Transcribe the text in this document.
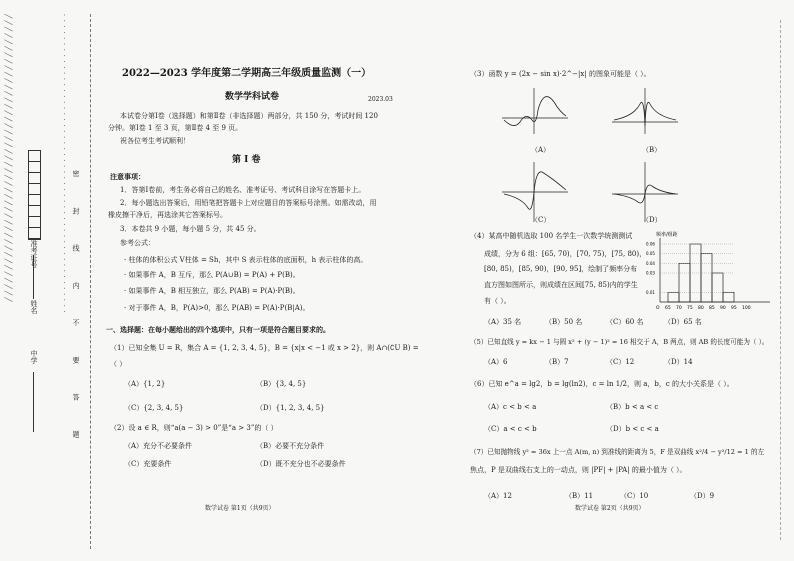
╱ ╱ ╱ ╱ ╱ ╱ ╱ ╱ ╱ ╱ ╱ ╱ ╱ ╱ ╱ ╱ ╱ ╱ ╱ ╱ ╱ ╱ ╱ ╱ ╱ ╱ ╱ ╱ ╱ ╱ ╱ ╱ ╱ ╱ ╱ ╱ ╱ ╱ ╱ ╱ ╱ ╱ ╱ ╱ ╱
中学
姓名
准考证号	· · · · · · · · · · · · · · · · · · · · · · · · · · · · · · · · · · · · · · · · · · · · · · · · · · · · 密 封 线 内 不 要 答 题
2022—2023 学年度第二学期高三年级质量监测（一）
数学学科试卷	2023.03
本试卷分第Ⅰ卷（选择题）和第Ⅱ卷（非选择题）两部分，共 150 分，考试时间 120
分钟。第Ⅰ卷 1 至 3 页，第Ⅱ卷 4 至 9 页。
祝各位考生考试顺利！
第 Ⅰ 卷
注意事项：
1．答第Ⅰ卷前，考生务必将自己的姓名、准考证号、考试科目涂写在答题卡上。
2．每小题选出答案后，用铅笔把答题卡上对应题目的答案标号涂黑。如需改动，用
橡皮擦干净后，再选涂其它答案标号。
3．本卷共 9 小题，每小题 5 分，共 45 分。
参考公式：
· 柱体的体积公式 V柱体 = Sh，其中 S 表示柱体的底面积，h 表示柱体的高。
· 如果事件 A，B 互斥，那么 P(A∪B) = P(A) + P(B)。
· 如果事件 A，B 相互独立，那么 P(AB) = P(A)·P(B)。
· 对于事件 A，B，P(A)>0，那么 P(AB) = P(A)·P(B|A)。
一、选择题：在每小题给出的四个选项中，只有一项是符合题目要求的。
（1）已知全集 U = R，集合 A = {1, 2, 3, 4, 5}，B = {x|x < −1 或 x > 2}，则 A∩(∁U B) =
（ ）
（A）{1, 2}	（B）{3, 4, 5}
（C）{2, 3, 4, 5}	（D）{1, 2, 3, 4, 5}
（2）设 a ∈ R，则“a(a − 3) > 0”是“a > 3”的（ ）
（A）充分不必要条件	（B）必要不充分条件
（C）充要条件	（D）既不充分也不必要条件
数学试卷 第1页（共9页）
（3）函数 y = (2x − sin x)·2^−|x| 的图象可能是（ ）。
（A）	（B）
（C）	（D）
（4）某高中随机选取 100 名学生一次数学统测测试
成绩，分为 6 组：[65, 70)，[70, 75)，[75, 80)，
[80, 85)，[85, 90)，[90, 95]，绘制了频率分布
直方图如图所示，则成绩在区间[75, 85)内的学生
有（ ）。
频率/组距
O 65 70 75 80 85 90 95 100
0.06
0.05
0.04
0.03
0.01
（A）35 名	（B）50 名	（C）60 名	（D）65 名
（5）已知直线 y = kx − 1 与圆 x² + (y − 1)² = 16 相交于 A，B 两点，则 AB 的长度可能为（ ）。
（A）6	（B）7	（C）12	（D）14
（6）已知 e^a = lg2，b = lg(ln2)，c = ln 1/2，则 a，b，c 的大小关系是（ ）。
（A）c < b < a	（B）b < a < c
（C）a < c < b	（D）b < c < a
（7）已知抛物线 y² = 36x 上一点 A(m, n) 到准线的距离为 5，F 是双曲线 x²/4 − y²/12 = 1 的左
焦点，P 是双曲线右支上的一动点，则 |PF| + |PA| 的最小值为（ ）。
（A）12	（B）11	（C）10	（D）9
数学试卷 第2页（共9页）
